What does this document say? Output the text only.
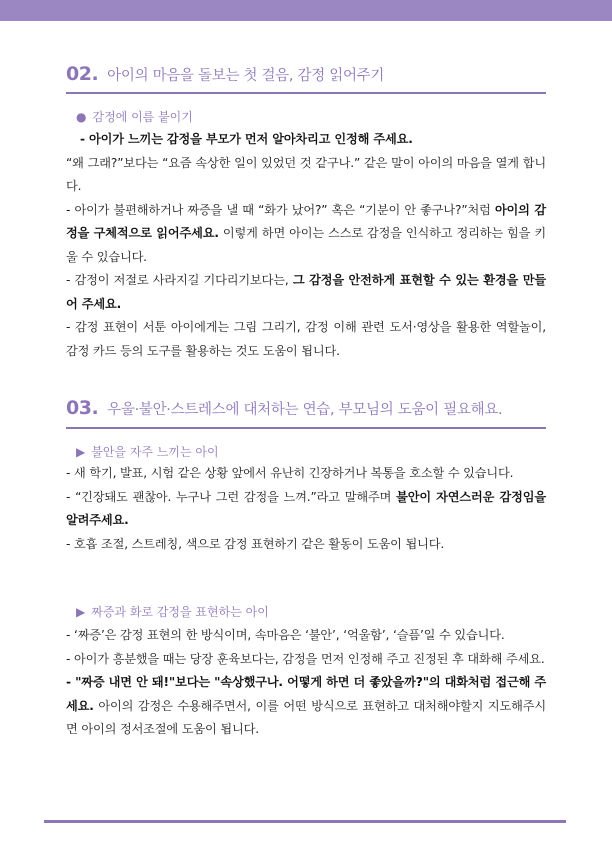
02. 아이의 마음을 돌보는 첫 걸음, 감정 읽어주기
● 감정에 이름 붙이기

- 아이가 느끼는 감정을 부모가 먼저 알아차리고 인정해 주세요.

“왜 그래?”보다는 “요즘 속상한 일이 있었던 것 같구나.” 같은 말이 아이의 마음을 열게 합니다.

- 아이가 불편해하거나 짜증을 낼 때 “화가 났어?” 혹은 “기분이 안 좋구나?”처럼 아이의 감정을 구체적으로 읽어주세요. 이렇게 하면 아이는 스스로 감정을 인식하고 정리하는 힘을 키울 수 있습니다.

- 감정이 저절로 사라지길 기다리기보다는, 그 감정을 안전하게 표현할 수 있는 환경을 만들어 주세요.

- 감정 표현이 서툰 아이에게는 그림 그리기, 감정 이해 관련 도서·영상을 활용한 역할놀이, 감정 카드 등의 도구를 활용하는 것도 도움이 됩니다.

03. 우울·불안·스트레스에 대처하는 연습, 부모님의 도움이 필요해요.
▶ 불안을 자주 느끼는 아이

- 새 학기, 발표, 시험 같은 상황 앞에서 유난히 긴장하거나 복통을 호소할 수 있습니다.

- “긴장돼도 괜찮아. 누구나 그런 감정을 느껴.”라고 말해주며 불안이 자연스러운 감정임을 알려주세요.

- 호흡 조절, 스트레칭, 색으로 감정 표현하기 같은 활동이 도움이 됩니다.

▶ 짜증과 화로 감정을 표현하는 아이

- ‘짜증’은 감정 표현의 한 방식이며, 속마음은 ‘불안’, ‘억울함’, ‘슬픔’일 수 있습니다.

- 아이가 흥분했을 때는 당장 훈육보다는, 감정을 먼저 인정해 주고 진정된 후 대화해 주세요.

- "짜증 내면 안 돼!"보다는 "속상했구나. 어떻게 하면 더 좋았을까?"의 대화처럼 접근해 주세요. 아이의 감정은 수용해주면서, 이를 어떤 방식으로 표현하고 대처해야할지 지도해주시면 아이의 정서조절에 도움이 됩니다.
